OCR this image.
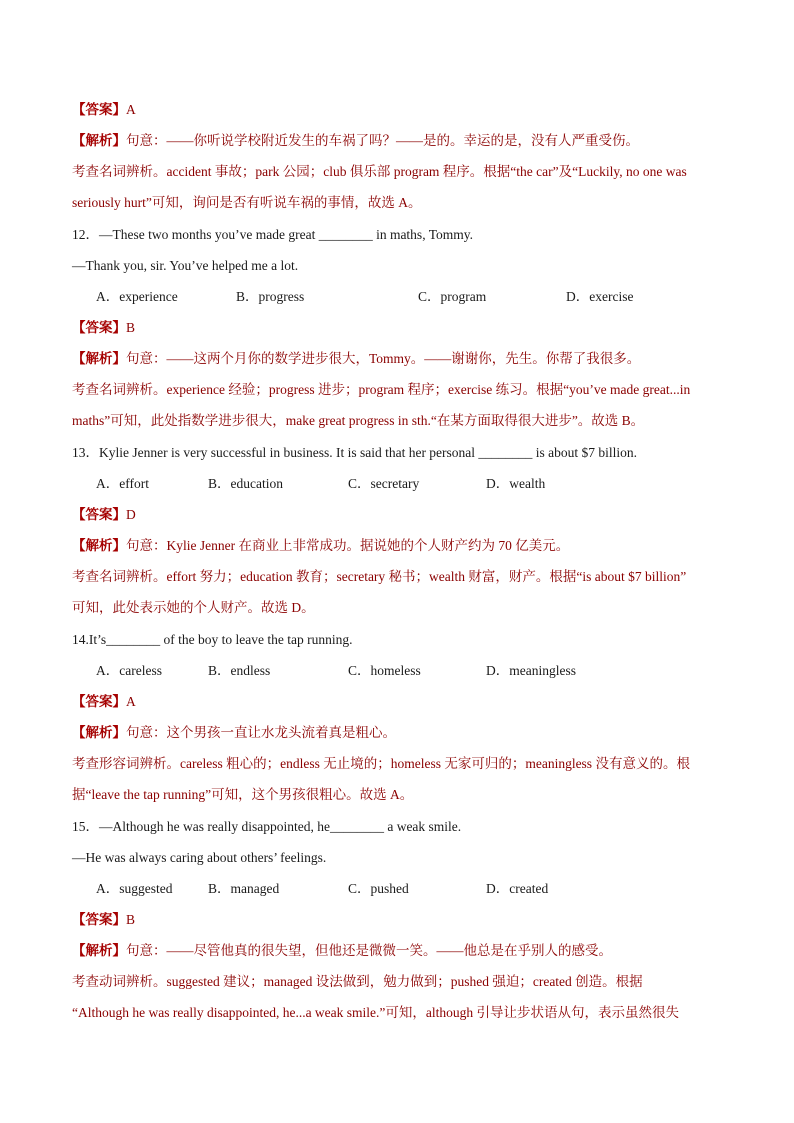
【答案】A
【解析】句意：——你听说学校附近发生的车祸了吗？——是的。幸运的是，没有人严重受伤。
考查名词辨析。accident 事故；park 公园；club 俱乐部 program 程序。根据“the car”及“Luckily, no one was
seriously hurt”可知，询问是否有听说车祸的事情，故选 A。
12．—These two months you’ve made great ________ in maths, Tommy.
—Thank you, sir. You’ve helped me a lot.
A．experience	B．progress	C．program	D．exercise
【答案】B
【解析】句意：——这两个月你的数学进步很大，Tommy。——谢谢你，先生。你帮了我很多。
考查名词辨析。experience 经验；progress 进步；program 程序；exercise 练习。根据“you’ve made great...in
maths”可知，此处指数学进步很大，make great progress in sth.“在某方面取得很大进步”。故选 B。
13．Kylie Jenner is very successful in business. It is said that her personal ________ is about $7 billion.
A．effort	B．education	C．secretary	D．wealth
【答案】D
【解析】句意：Kylie Jenner 在商业上非常成功。据说她的个人财产约为 70 亿美元。
考查名词辨析。effort 努力；education 教育；secretary 秘书；wealth 财富，财产。根据“is about $7 billion”
可知，此处表示她的个人财产。故选 D。
14.It’s________ of the boy to leave the tap running.
A．careless	B．endless	C．homeless	D．meaningless
【答案】A
【解析】句意：这个男孩一直让水龙头流着真是粗心。
考查形容词辨析。careless 粗心的；endless 无止境的；homeless 无家可归的；meaningless 没有意义的。根
据“leave the tap running”可知，这个男孩很粗心。故选 A。
15．—Although he was really disappointed, he________ a weak smile.
—He was always caring about others’ feelings.
A．suggested	B．managed	C．pushed	D．created
【答案】B
【解析】句意：——尽管他真的很失望，但他还是微微一笑。——他总是在乎别人的感受。
考查动词辨析。suggested 建议；managed 设法做到，勉力做到；pushed 强迫；created 创造。根据
“Although he was really disappointed, he...a weak smile.”可知，although 引导让步状语从句，表示虽然很失
